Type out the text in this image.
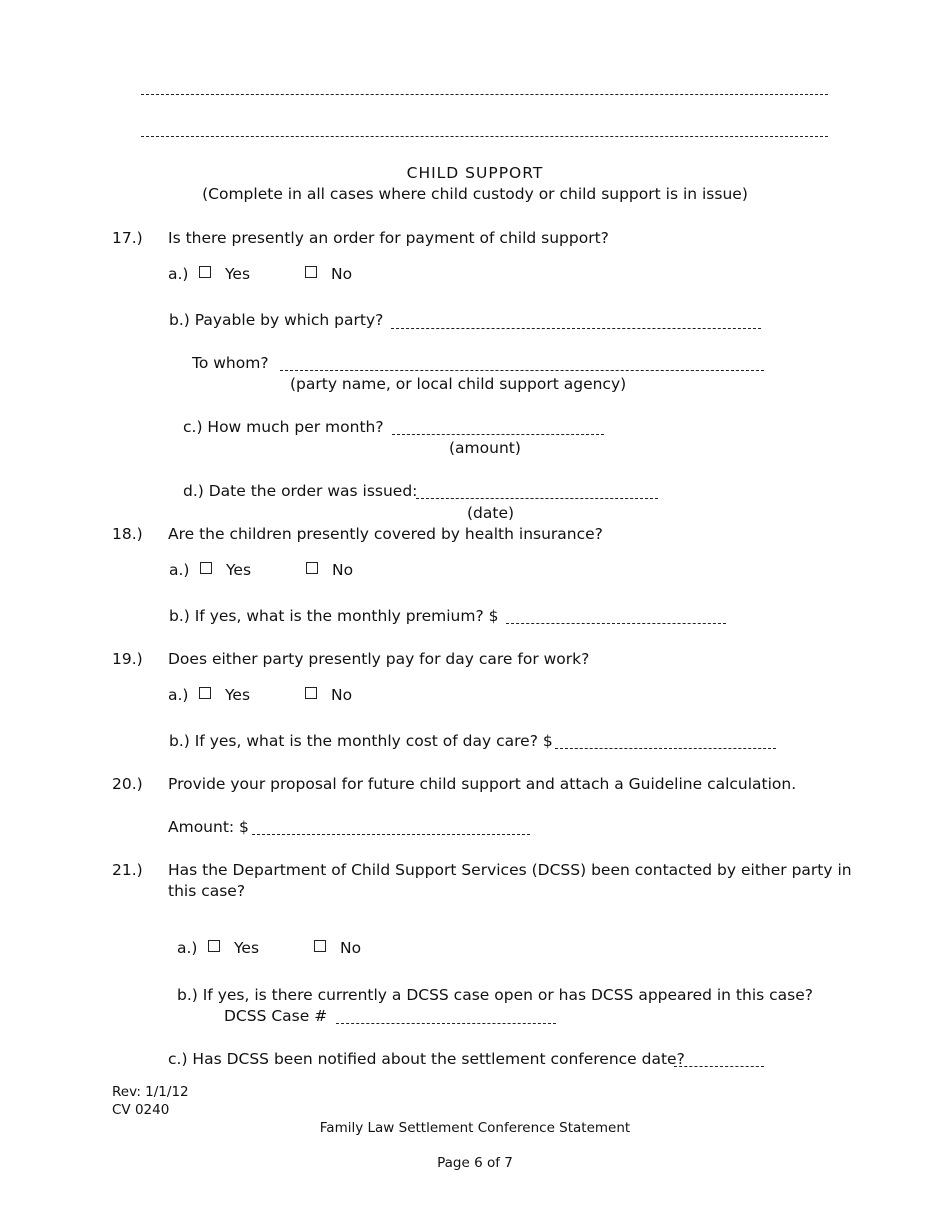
CHILD SUPPORT
(Complete in all cases where child custody or child support is in issue)
17.) Is there presently an order for payment of child support?
a.) Yes	No
b.) Payable by which party?
To whom?
(party name, or local child support agency)
c.) How much per month?
(amount)
d.) Date the order was issued:
(date)
18.) Are the children presently covered by health insurance?
a.) Yes	No
b.) If yes, what is the monthly premium? $
19.) Does either party presently pay for day care for work?
a.) Yes	No
b.) If yes, what is the monthly cost of day care? $
20.) Provide your proposal for future child support and attach a Guideline calculation.
Amount: $
21.) Has the Department of Child Support Services (DCSS) been contacted by either party in
this case?
a.) Yes	No
b.) If yes, is there currently a DCSS case open or has DCSS appeared in this case?
DCSS Case #
c.) Has DCSS been notified about the settlement conference date?
Rev: 1/1/12
CV 0240
Family Law Settlement Conference Statement
Page 6 of 7
